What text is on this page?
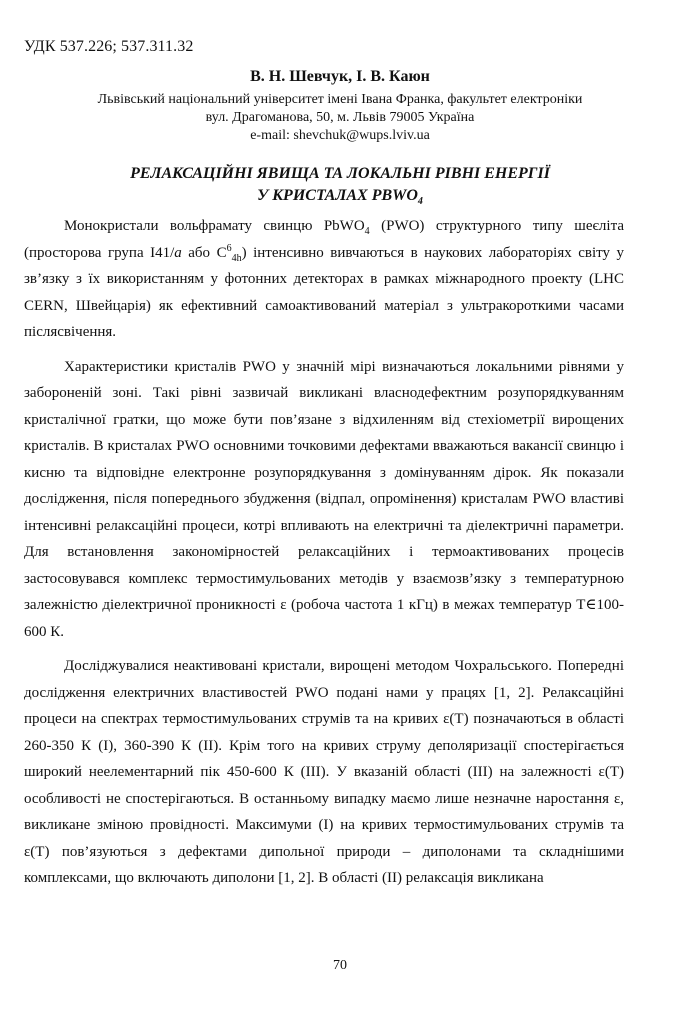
УДК 537.226; 537.311.32
В. Н. Шевчук, І. В. Каюн
Львівський національний університет імені Івана Франка, факультет електроніки
вул. Драгоманова, 50, м. Львів 79005 Україна
e-mail: shevchuk@wups.lviv.ua
РЕЛАКСАЦІЙНІ ЯВИЩА ТА ЛОКАЛЬНІ РІВНІ ЕНЕРГІЇ
У КРИСТАЛАХ $PBWO_4$

Монокристали вольфрамату свинцю PbWO$_4$ (PWO) структурного типу шеєліта (просторова група I41/a або $C^6_{4h}$) інтенсивно вивчаються в наукових лабораторіях світу у зв’язку з їх використанням у фотонних детекторах в рамках міжнародного проекту (LHC CERN, Швейцарія) як ефективний самоактивований матеріал з ультракороткими часами післясвічення.

Характеристики кристалів PWO у значній мірі визначаються локальними рівнями у забороненій зоні. Такі рівні зазвичай викликані власнодефектним розупорядкуванням кристалічної гратки, що може бути пов’язане з відхиленням від стехіометрії вирощених кристалів. В кристалах PWO основними точковими дефектами вважаються вакансії свинцю і кисню та відповідне електронне розупорядкування з домінуванням дірок. Як показали дослідження, після попереднього збудження (відпал, опромінення) кристалам PWO властиві інтенсивні релаксаційні процеси, котрі впливають на електричні та діелектричні параметри. Для встановлення закономірностей релаксаційних і термоактивованих процесів застосовувався комплекс термостимульованих методів у взаємозв’язку з температурною залежністю діелектричної проникності ε (робоча частота 1 кГц) в межах температур T∈100-600 К.

Досліджувалися неактивовані кристали, вирощені методом Чохральського. Попередні дослідження електричних властивостей PWO подані нами у працях [1, 2]. Релаксаційні процеси на спектрах термостимульованих струмів та на кривих ε(T) позначаються в області 260-350 К (I), 360-390 К (II). Крім того на кривих струму деполяризації спостерігається широкий неелементарний пік 450-600 К (III). У вказаній області (III) на залежності ε(T) особливості не спостерігаються. В останньому випадку маємо лише незначне наростання ε, викликане зміною провідності. Максимуми (I) на кривих термостимульованих струмів та ε(T) пов’язуються з дефектами дипольної природи – диполонами та складнішими комплексами, що включають диполони [1, 2]. В області (II) релаксація викликана

70
